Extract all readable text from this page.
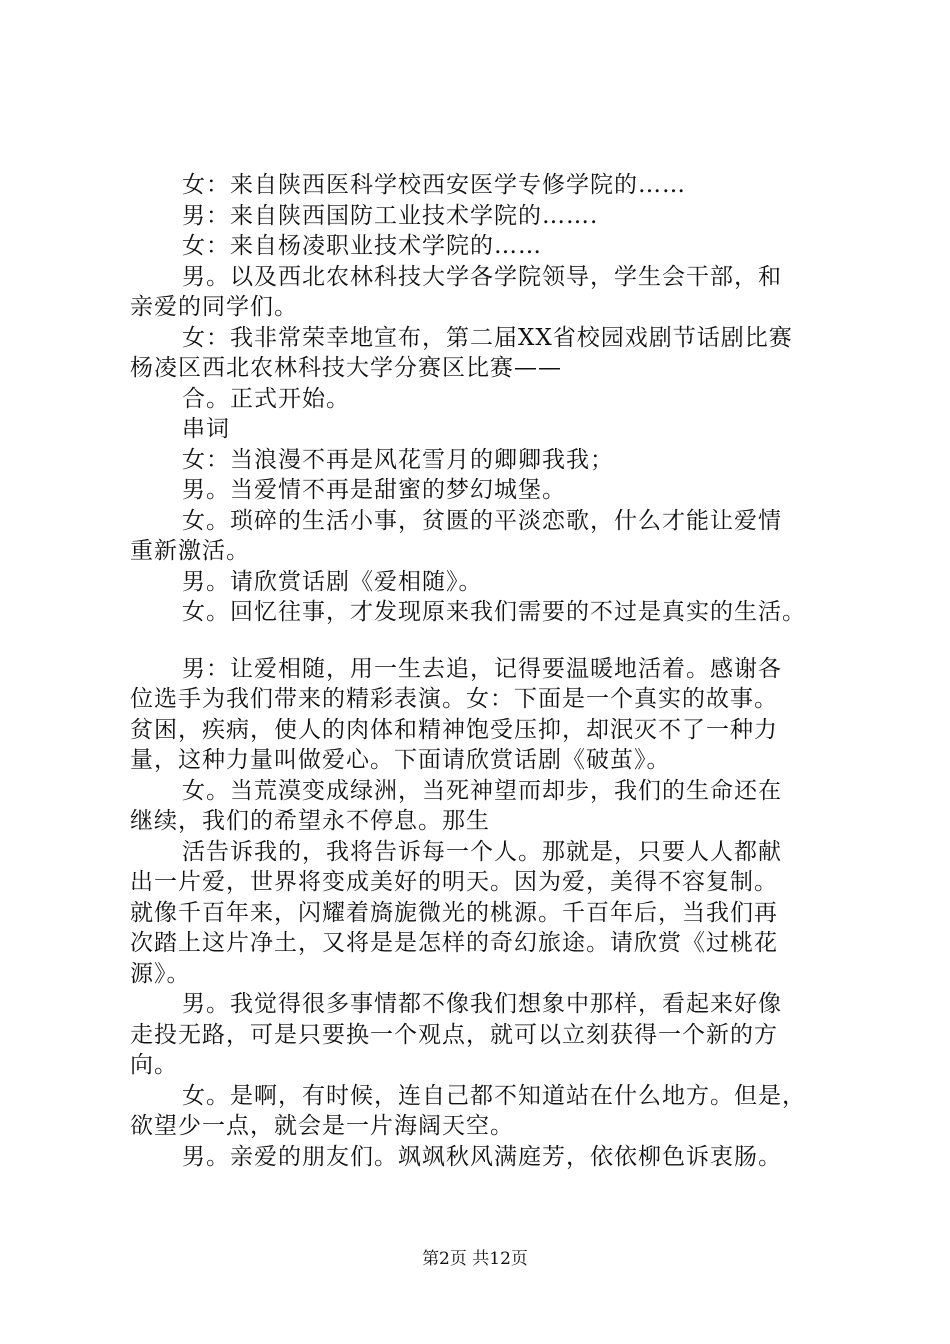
女：来自陕西医科学校西安医学专修学院的……
男：来自陕西国防工业技术学院的…….
女：来自杨凌职业技术学院的……
男。以及西北农林科技大学各学院领导，学生会干部，和
亲爱的同学们。
女：我非常荣幸地宣布，第二届XX省校园戏剧节话剧比赛
杨凌区西北农林科技大学分赛区比赛——
合。正式开始。
串词
女：当浪漫不再是风花雪月的卿卿我我；
男。当爱情不再是甜蜜的梦幻城堡。
女。琐碎的生活小事，贫匮的平淡恋歌，什么才能让爱情
重新激活。
男。请欣赏话剧《爱相随》。
女。回忆往事，才发现原来我们需要的不过是真实的生活。
男：让爱相随，用一生去追，记得要温暖地活着。感谢各
位选手为我们带来的精彩表演。女：下面是一个真实的故事。
贫困，疾病，使人的肉体和精神饱受压抑，却泯灭不了一种力
量，这种力量叫做爱心。下面请欣赏话剧《破茧》。
女。当荒漠变成绿洲，当死神望而却步，我们的生命还在
继续，我们的希望永不停息。那生
活告诉我的，我将告诉每一个人。那就是，只要人人都献
出一片爱，世界将变成美好的明天。因为爱，美得不容复制。
就像千百年来，闪耀着旖旎微光的桃源。千百年后，当我们再
次踏上这片净土，又将是是怎样的奇幻旅途。请欣赏《过桃花
源》。
男。我觉得很多事情都不像我们想象中那样，看起来好像
走投无路，可是只要换一个观点，就可以立刻获得一个新的方
向。
女。是啊，有时候，连自己都不知道站在什么地方。但是，
欲望少一点，就会是一片海阔天空。
男。亲爱的朋友们。飒飒秋风满庭芳，依依柳色诉衷肠。
第2页 共12页
